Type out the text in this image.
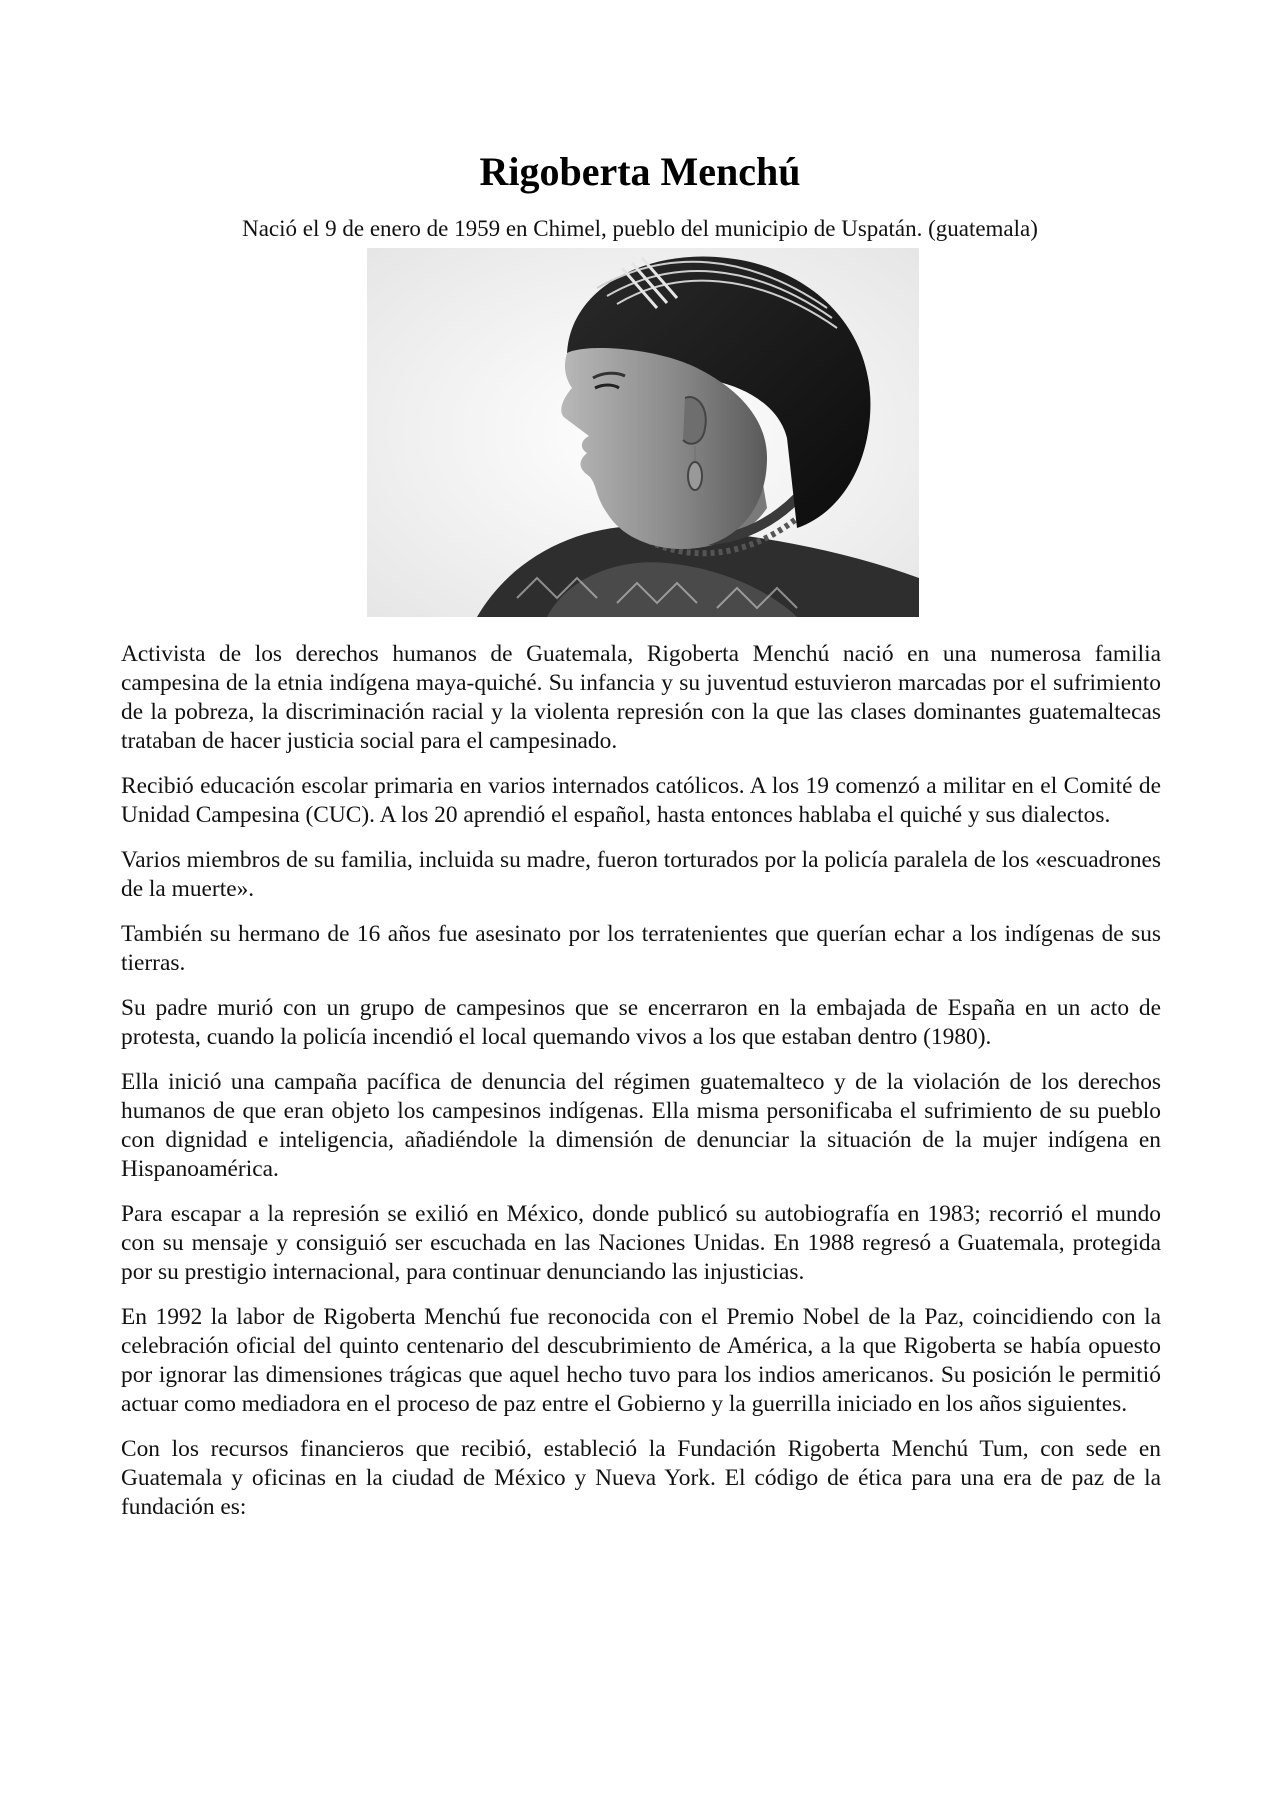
Rigoberta Menchú

Nació el 9 de enero de 1959 en Chimel, pueblo del municipio de Uspatán. (guatemala)

Activista de los derechos humanos de Guatemala, Rigoberta Menchú nació en una numerosa familia campesina de la etnia indígena maya-quiché. Su infancia y su juventud estuvieron marcadas por el sufrimiento de la pobreza, la discriminación racial y la violenta represión con la que las clases dominantes guatemaltecas trataban de hacer justicia social para el campesinado.

Recibió educación escolar primaria en varios internados católicos. A los 19 comenzó a militar en el Comité de Unidad Campesina (CUC). A los 20 aprendió el español, hasta entonces hablaba el quiché y sus dialectos.

Varios miembros de su familia, incluida su madre, fueron torturados por la policía paralela de los «escuadrones de la muerte».

También su hermano de 16 años fue asesinato por los terratenientes que querían echar a los indígenas de sus tierras.

Su padre murió con un grupo de campesinos que se encerraron en la embajada de España en un acto de protesta, cuando la policía incendió el local quemando vivos a los que estaban dentro (1980).

Ella inició una campaña pacífica de denuncia del régimen guatemalteco y de la violación de los derechos humanos de que eran objeto los campesinos indígenas. Ella misma personificaba el sufrimiento de su pueblo con dignidad e inteligencia, añadiéndole la dimensión de denunciar la situación de la mujer indígena en Hispanoamérica.

Para escapar a la represión se exilió en México, donde publicó su autobiografía en 1983; recorrió el mundo con su mensaje y consiguió ser escuchada en las Naciones Unidas. En 1988 regresó a Guatemala, protegida por su prestigio internacional, para continuar denunciando las injusticias.

En 1992 la labor de Rigoberta Menchú fue reconocida con el Premio Nobel de la Paz, coincidiendo con la celebración oficial del quinto centenario del descubrimiento de América, a la que Rigoberta se había opuesto por ignorar las dimensiones trágicas que aquel hecho tuvo para los indios americanos. Su posición le permitió actuar como mediadora en el proceso de paz entre el Gobierno y la guerrilla iniciado en los años siguientes.

Con los recursos financieros que recibió, estableció la Fundación Rigoberta Menchú Tum, con sede en Guatemala y oficinas en la ciudad de México y Nueva York. El código de ética para una era de paz de la fundación es:
